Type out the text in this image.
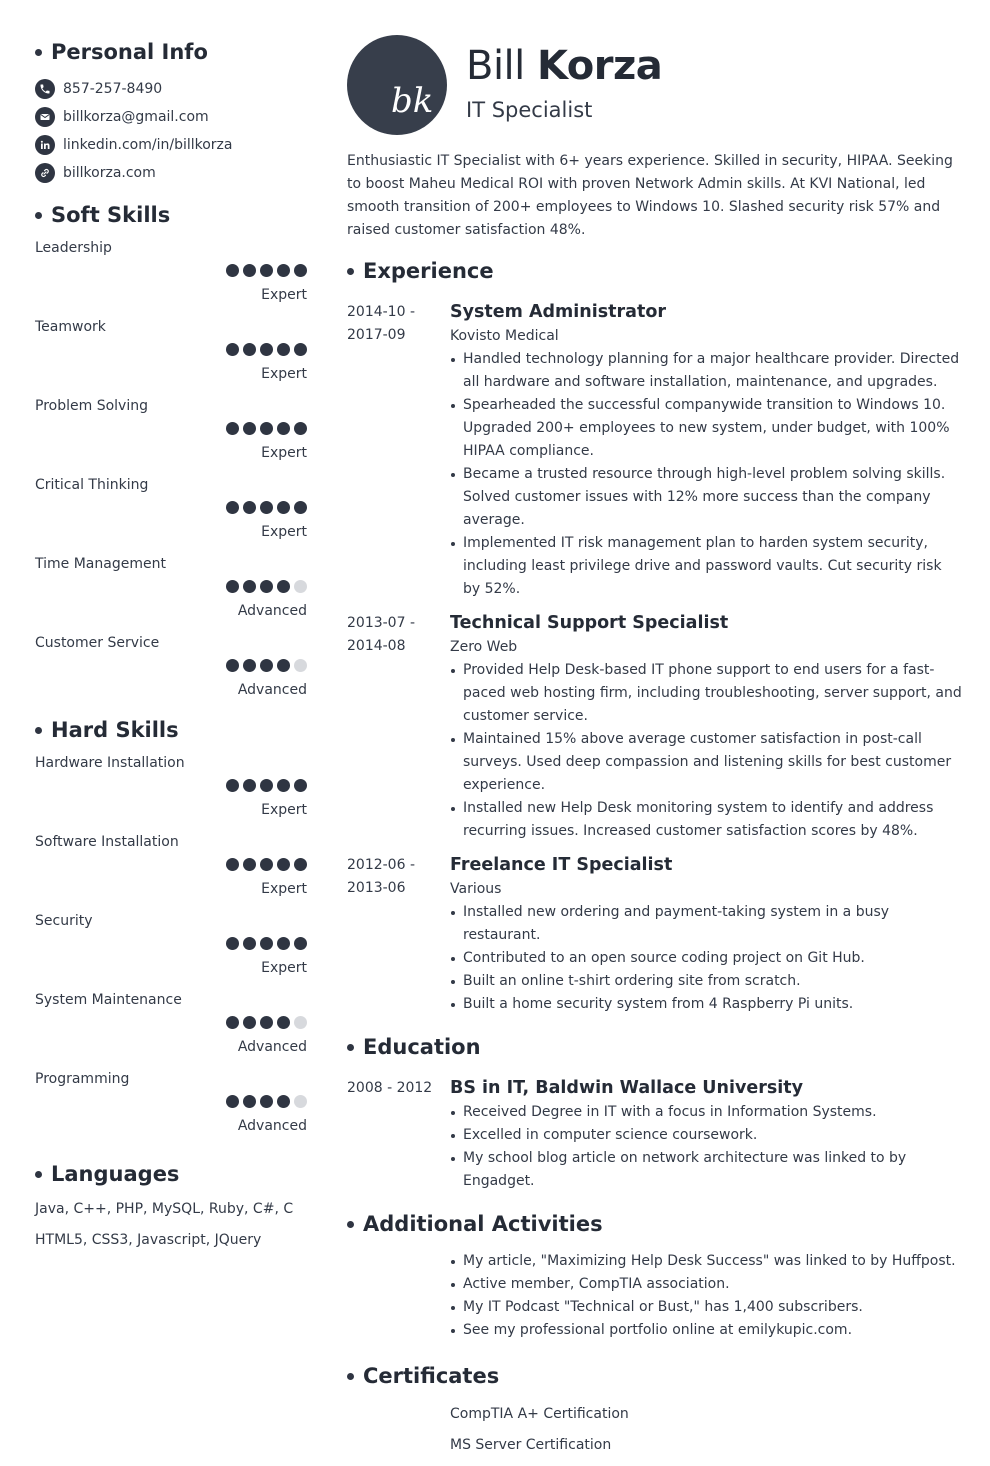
Personal Info
857-257-8490
billkorza@gmail.com
linkedin.com/in/billkorza
billkorza.com
Soft Skills
Leadership
Expert
Teamwork
Expert
Problem Solving
Expert
Critical Thinking
Expert
Time Management
Advanced
Customer Service
Advanced
Hard Skills
Hardware Installation
Expert
Software Installation
Expert
Security
Expert
System Maintenance
Advanced
Programming
Advanced
Languages
Java, C++, PHP, MySQL, Ruby, C#, C
HTML5, CSS3, Javascript, JQuery
bk
Bill Korza
IT Specialist

Enthusiastic IT Specialist with 6+ years experience. Skilled in security, HIPAA. Seeking to boost Maheu Medical ROI with proven Network Admin skills. At KVI National, led smooth transition of 200+ employees to Windows 10. Slashed security risk 57% and raised customer satisfaction 48%.

Experience
2014-10 - 2017-09
System Administrator
Kovisto Medical
Handled technology planning for a major healthcare provider. Directed all hardware and software installation, maintenance, and upgrades.
Spearheaded the successful companywide transition to Windows 10. Upgraded 200+ employees to new system, under budget, with 100% HIPAA compliance.
Became a trusted resource through high-level problem solving skills. Solved customer issues with 12% more success than the company average.
Implemented IT risk management plan to harden system security, including least privilege drive and password vaults. Cut security risk by 52%.
2013-07 - 2014-08
Technical Support Specialist
Zero Web
Provided Help Desk-based IT phone support to end users for a fast-paced web hosting firm, including troubleshooting, server support, and customer service.
Maintained 15% above average customer satisfaction in post-call surveys. Used deep compassion and listening skills for best customer experience.
Installed new Help Desk monitoring system to identify and address recurring issues. Increased customer satisfaction scores by 48%.
2012-06 - 2013-06
Freelance IT Specialist
Various
Installed new ordering and payment-taking system in a busy restaurant.
Contributed to an open source coding project on Git Hub.
Built an online t-shirt ordering site from scratch.
Built a home security system from 4 Raspberry Pi units.
Education
2008 - 2012	BS in IT, Baldwin Wallace University
Received Degree in IT with a focus in Information Systems.
Excelled in computer science coursework.
My school blog article on network architecture was linked to by Engadget.
Additional Activities
My article, "Maximizing Help Desk Success" was linked to by Huffpost.
Active member, CompTIA association.
My IT Podcast "Technical or Bust," has 1,400 subscribers.
See my professional portfolio online at emilykupic.com.
Certificates
CompTIA A+ Certification
MS Server Certification
